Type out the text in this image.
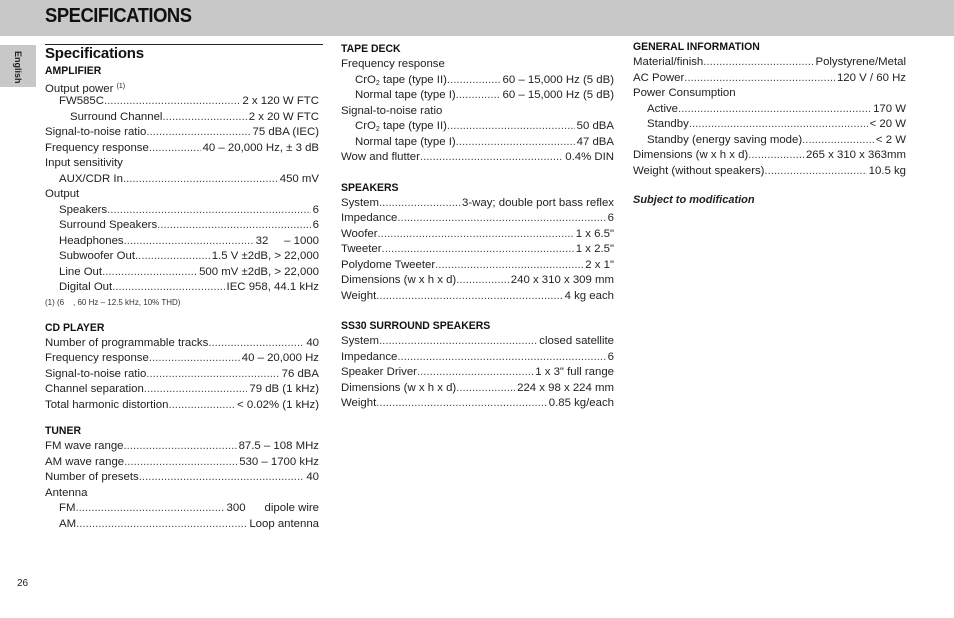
SPECIFICATIONS
English Specifications
AMPLIFIER
Output power $^{(1)}$
FW585C .....	2 x 120 W FTC
Surround Channel .....	2 x 20 W FTC
Signal-to-noise ratio .....	75 dBA (IEC)
Frequency response .....	40 – 20,000 Hz, ± 3 dB
Input sensitivity
AUX/CDR In .....	450 mV
Output
Speakers .....	6
Surround Speakers .....	6
Headphones .....	32     – 1000
Subwoofer Out .....	1.5 V ±2dB, > 22,000
Line Out .....	500 mV ±2dB, > 22,000
Digital Out .....	IEC 958, 44.1 kHz
(1) (6    , 60 Hz – 12.5 kHz, 10% THD)
CD PLAYER
Number of programmable tracks .....	40
Frequency response .....	40 – 20,000 Hz
Signal-to-noise ratio .....	76 dBA
Channel separation .....	79 dB (1 kHz)
Total harmonic distortion .....	< 0.02% (1 kHz)
TUNER
FM wave range .....	87.5 – 108 MHz
AM wave range .....	530 – 1700 kHz
Number of presets .....	40
Antenna
FM .....	300      dipole wire
AM .....	Loop antenna
TAPE DECK
Frequency response
CrO$_2$ tape (type II) .....	60 – 15,000 Hz (5 dB)
Normal tape (type I) .....	60 – 15,000 Hz (5 dB)
Signal-to-noise ratio
CrO$_2$ tape (type II) .....	50 dBA
Normal tape (type I) .....	47 dBA
Wow and flutter .....	0.4% DIN
SPEAKERS
System .....	3-way; double port bass reflex
Impedance .....	6
Woofer .....	1 x 6.5"
Tweeter .....	1 x 2.5"
Polydome Tweeter .....	2 x 1"
Dimensions (w x h x d) .....	240 x 310 x 309 mm
Weight .....	4 kg each
SS30 SURROUND SPEAKERS
System .....	closed satellite
Impedance .....	6
Speaker Driver .....	1 x 3" full range
Dimensions (w x h x d) .....	224 x 98 x 224 mm
Weight .....	0.85 kg/each
GENERAL INFORMATION
Material/finish .....	Polystyrene/Metal
AC Power .....	120 V / 60 Hz
Power Consumption
Active .....	170 W
Standby .....	< 20 W
Standby (energy saving mode) .....	< 2 W
Dimensions (w x h x d) .....	265 x 310 x 363mm
Weight (without speakers) .....	10.5 kg
Subject to modification
26
